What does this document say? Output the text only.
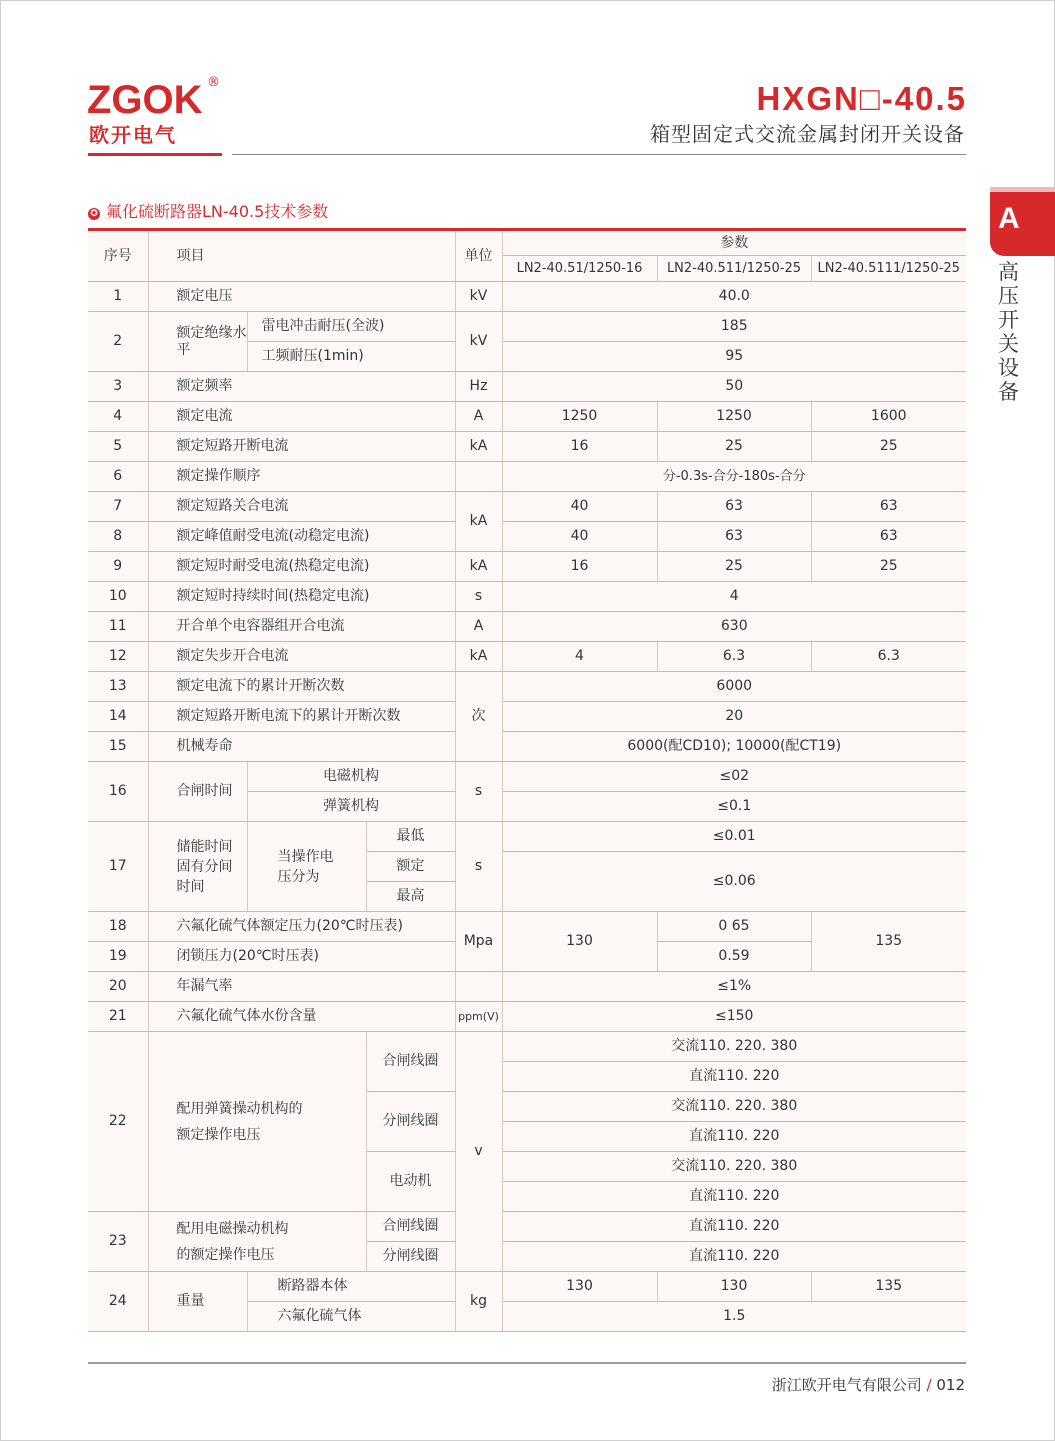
ZGOK ®
欧开电气
HXGN□-40.5
箱型固定式交流金属封闭开关设备
A
高压开关设备
✪ 氟化硫断路器LN-40.5技术参数
序号	项目			单位	参数		
					LN2-40.51/1250-16	LN2-40.511/1250-25	LN2-40.5111/1250-25
1	额定电压			kV	40.0		
2	额定绝缘水平	雷电冲击耐压(全波)		kV	185		
		工频耐压(1min)			95		
3	额定频率			Hz	50		
4	额定电流			A	1250	1250	1600
5	额定短路开断电流			kA	16	25	25
6	额定操作顺序				分-0.3s-合分-180s-合分		
7	额定短路关合电流			kA	40	63	63
8	额定峰值耐受电流(动稳定电流)				40	63	63
9	额定短时耐受电流(热稳定电流)			kA	16	25	25
10	额定短时持续时间(热稳定电流)			s	4		
11	开合单个电容器组开合电流			A	630		
12	额定失步开合电流			kA	4	6.3	6.3
13	额定电流下的累计开断次数			次	6000		
14	额定短路开断电流下的累计开断次数				20		
15	机械寿命				6000(配CD10); 10000(配CT19)		
16	合闸时间	电磁机构		s	≤02		
		弹簧机构			≤0.1		
17	储能时间固有分间时间	当操作电压分为	最低	s	≤0.01		
			额定		≤0.06		
			最高				
18	六氟化硫气体额定压力(20℃时压表)			Mpa	130	0 65	135
19	闭锁压力(20℃时压表)					0.59	
20	年漏气率				≤1%		
21	六氟化硫气体水份含量			ppm(V)	≤150		
22	配用弹簧操动机构的
额定操作电压		合闸线圈	v	交流110. 220. 380		
					直流110. 220		
			分闸线圈		交流110. 220. 380		
					直流110. 220		
			电动机		交流110. 220. 380		
					直流110. 220		
23	配用电磁操动机构
的额定操作电压		合闸线圈		直流110. 220		
			分闸线圈		直流110. 220		
24	重量	断路器本体		kg	130	130	135
		六氟化硫气体			1.5		
浙江欧开电气有限公司 / 012
